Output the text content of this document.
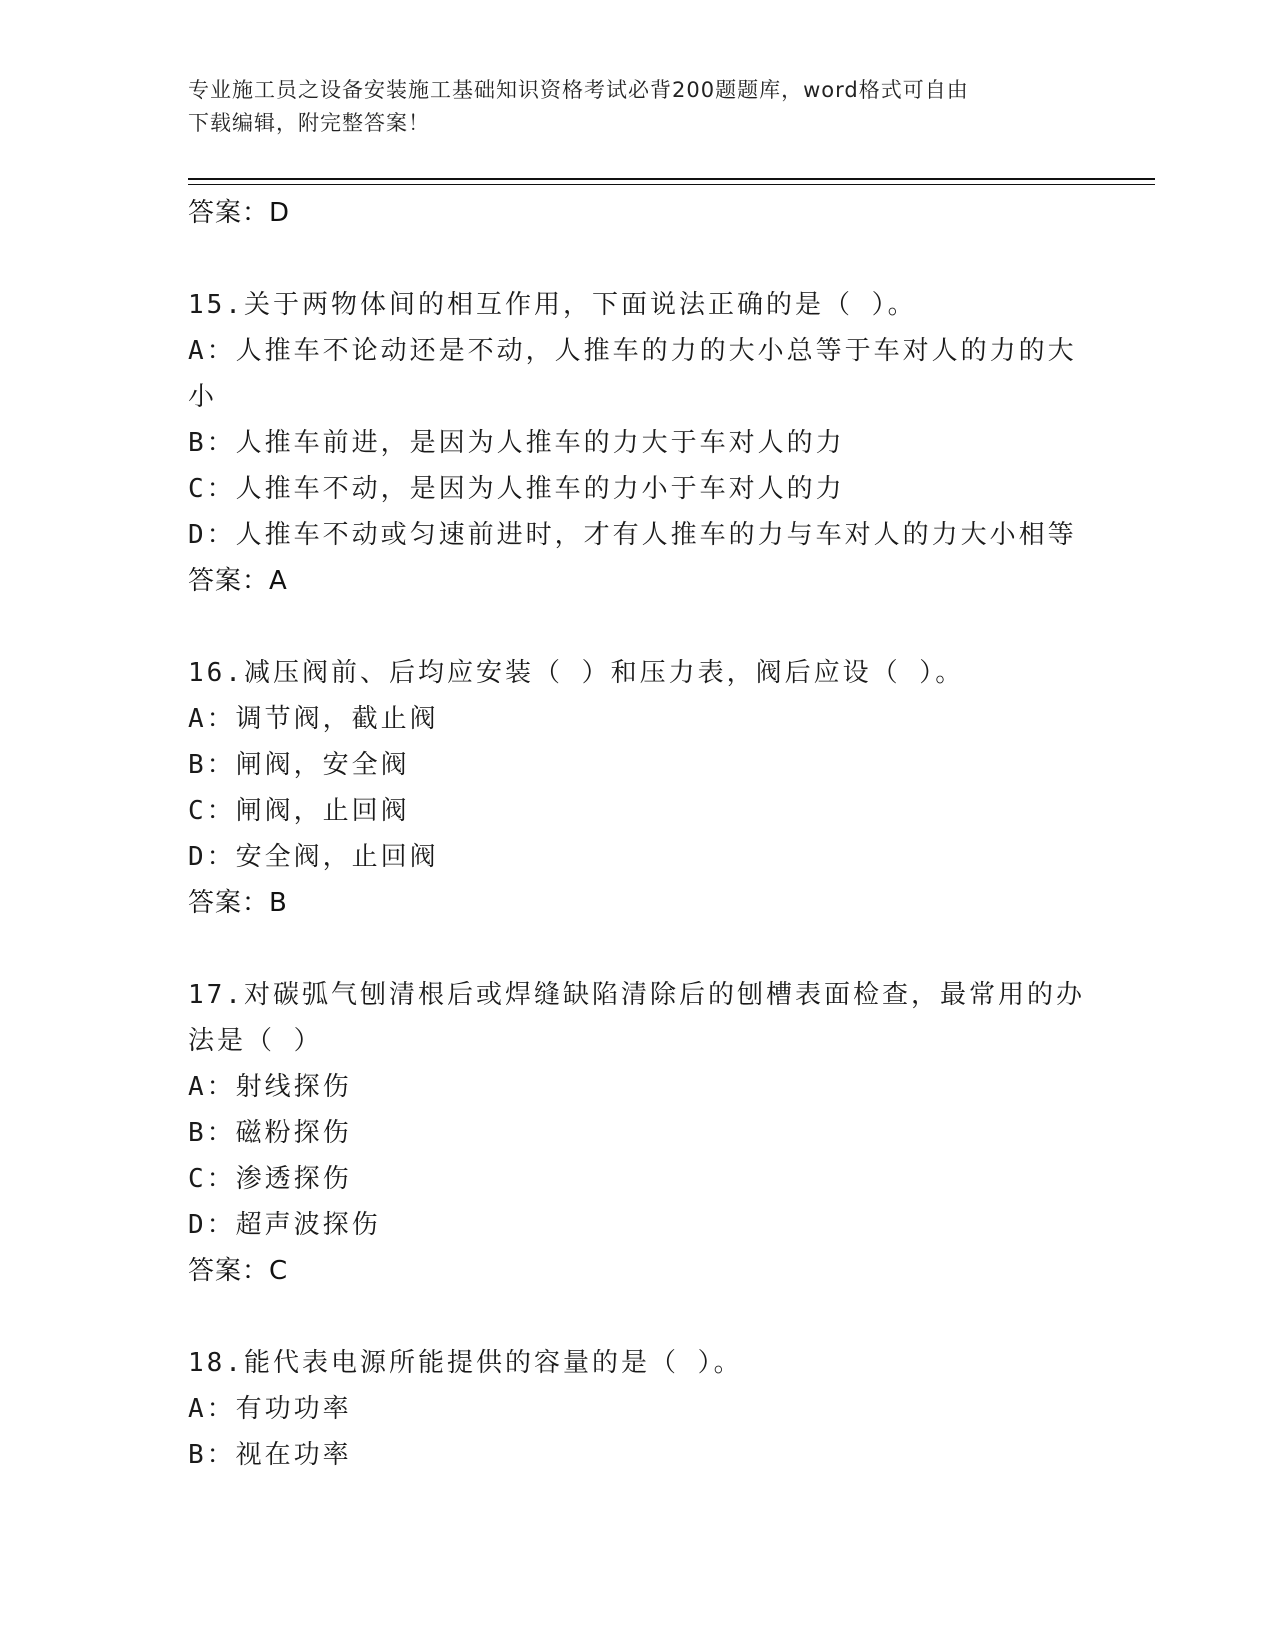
专业施工员之设备安装施工基础知识资格考试必背200题题库，word格式可自由
下载编辑，附完整答案！
答案：D
15.关于两物体间的相互作用，下面说法正确的是（ ）。
A：人推车不论动还是不动，人推车的力的大小总等于车对人的力的大
小
B：人推车前进，是因为人推车的力大于车对人的力
C：人推车不动，是因为人推车的力小于车对人的力
D：人推车不动或匀速前进时，才有人推车的力与车对人的力大小相等
答案：A
16.减压阀前、后均应安装（ ）和压力表，阀后应设（ ）。
A：调节阀，截止阀
B：闸阀，安全阀
C：闸阀，止回阀
D：安全阀，止回阀
答案：B
17.对碳弧气刨清根后或焊缝缺陷清除后的刨槽表面检查，最常用的办
法是（ ）
A：射线探伤
B：磁粉探伤
C：渗透探伤
D：超声波探伤
答案：C
18.能代表电源所能提供的容量的是（ ）。
A：有功功率
B：视在功率
